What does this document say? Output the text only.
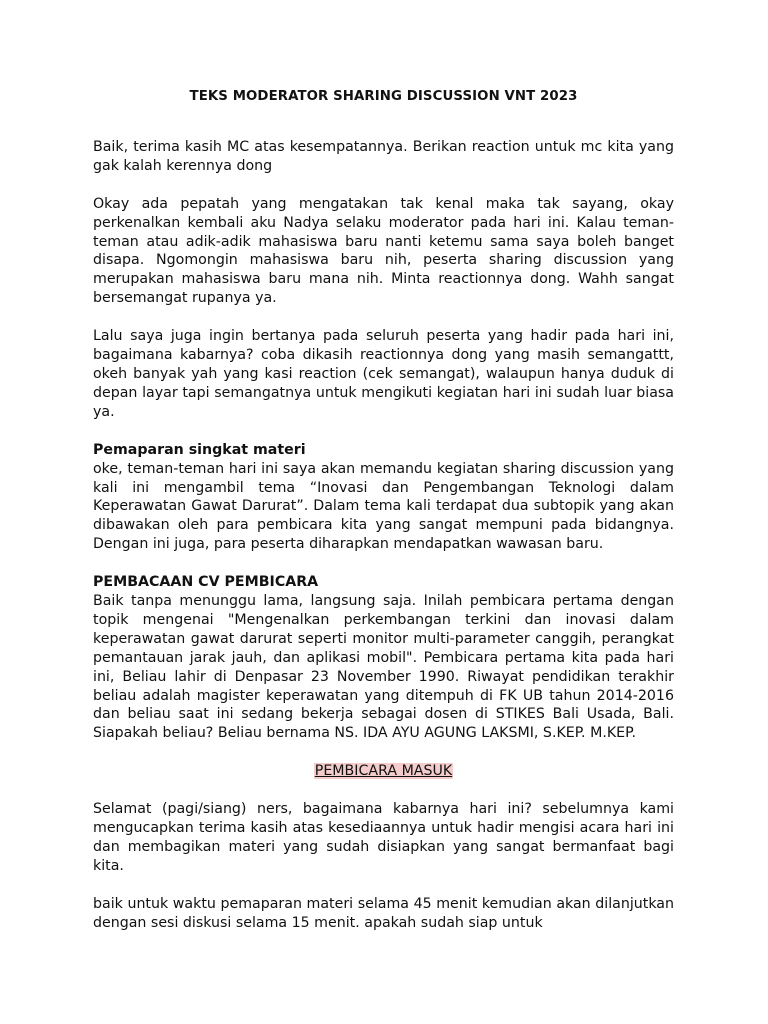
TEKS MODERATOR SHARING DISCUSSION VNT 2023

Baik, terima kasih MC atas kesempatannya. Berikan reaction untuk mc kita yang gak kalah kerennya dong

Okay ada pepatah yang mengatakan tak kenal maka tak sayang, okay perkenalkan kembali aku Nadya selaku moderator pada hari ini. Kalau teman-teman atau adik-adik mahasiswa baru nanti ketemu sama saya boleh banget disapa. Ngomongin mahasiswa baru nih, peserta sharing discussion yang merupakan mahasiswa baru mana nih. Minta reactionnya dong. Wahh sangat bersemangat rupanya ya.

Lalu saya juga ingin bertanya pada seluruh peserta yang hadir pada hari ini, bagaimana kabarnya? coba dikasih reactionnya dong yang masih semangattt, okeh banyak yah yang kasi reaction (cek semangat), walaupun hanya duduk di depan layar tapi semangatnya untuk mengikuti kegiatan hari ini sudah luar biasa ya.

Pemaparan singkat materi
oke, teman-teman hari ini saya akan memandu kegiatan sharing discussion yang kali ini mengambil tema “Inovasi dan Pengembangan Teknologi dalam Keperawatan Gawat Darurat”. Dalam tema kali terdapat dua subtopik yang akan dibawakan oleh para pembicara kita yang sangat mempuni pada bidangnya. Dengan ini juga, para peserta diharapkan mendapatkan wawasan baru.
PEMBACAAN CV PEMBICARA
Baik tanpa menunggu lama, langsung saja. Inilah pembicara pertama dengan topik mengenai "Mengenalkan perkembangan terkini dan inovasi dalam keperawatan gawat darurat seperti monitor multi-parameter canggih, perangkat pemantauan jarak jauh, dan aplikasi mobil". Pembicara pertama kita pada hari ini, Beliau lahir di Denpasar 23 November 1990. Riwayat pendidikan terakhir beliau adalah magister keperawatan yang ditempuh di FK UB tahun 2014-2016 dan beliau saat ini sedang bekerja sebagai dosen di STIKES Bali Usada, Bali. Siapakah beliau? Beliau bernama NS. IDA AYU AGUNG LAKSMI, S.KEP. M.KEP.
PEMBICARA MASUK

Selamat (pagi/siang) ners, bagaimana kabarnya hari ini? sebelumnya kami mengucapkan terima kasih atas kesediaannya untuk hadir mengisi acara hari ini dan membagikan materi yang sudah disiapkan yang sangat bermanfaat bagi kita.

baik untuk waktu pemaparan materi selama 45 menit kemudian akan dilanjutkan dengan sesi diskusi selama 15 menit. apakah sudah siap untuk
